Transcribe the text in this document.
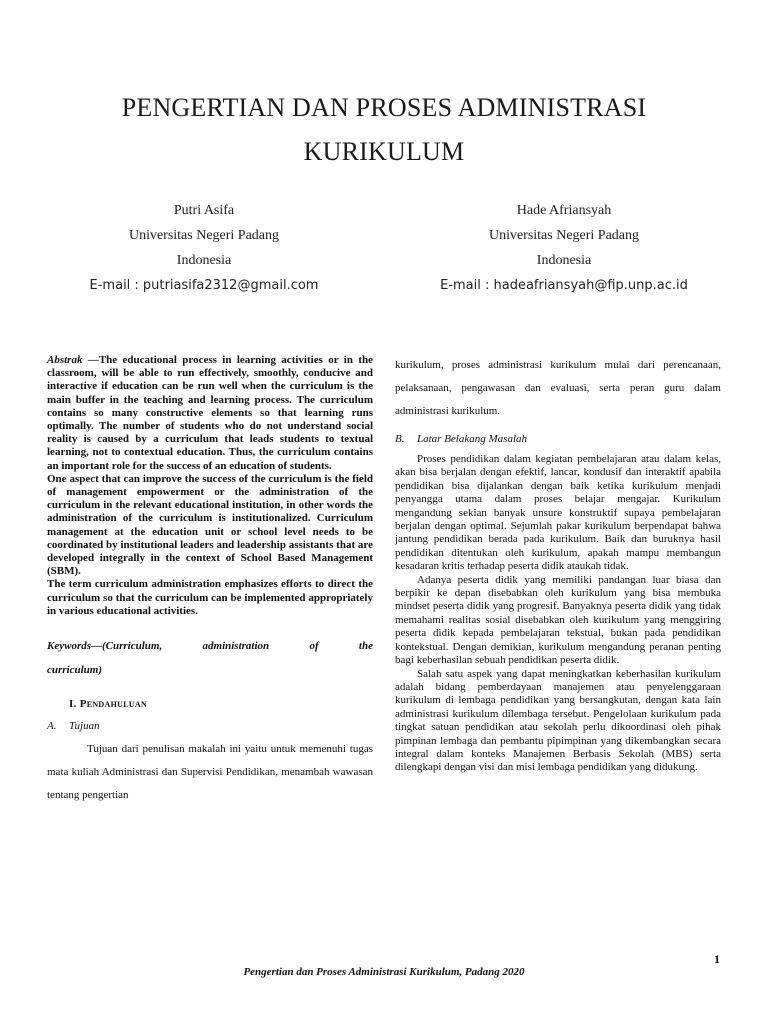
PENGERTIAN DAN PROSES ADMINISTRASI KURIKULUM
Putri Asifa
Universitas Negeri Padang
Indonesia
E-mail : putriasifa2312@gmail.com
Hade Afriansyah
Universitas Negeri Padang
Indonesia
E-mail : hadeafriansyah@fip.unp.ac.id

Abstrak —The educational process in learning activities or in the classroom, will be able to run effectively, smoothly, conducive and interactive if education can be run well when the curriculum is the main buffer in the teaching and learning process. The curriculum contains so many constructive elements so that learning runs optimally. The number of students who do not understand social reality is caused by a curriculum that leads students to textual learning, not to contextual education. Thus, the curriculum contains an important role for the success of an education of students.

One aspect that can improve the success of the curriculum is the field of management empowerment or the administration of the curriculum in the relevant educational institution, in other words the administration of the curriculum is institutionalized. Curriculum management at the education unit or school level needs to be coordinated by institutional leaders and leadership assistants that are developed integrally in the context of School Based Management (SBM).

The term curriculum administration emphasizes efforts to direct the curriculum so that the curriculum can be implemented appropriately in various educational activities.

Keywords—(Curriculum, administration of the
curriculum)
I. Pendahuluan
A. Tujuan

Tujuan dari penulisan makalah ini yaitu untuk memenuhi tugas mata kuliah Administrasi dan Supervisi Pendidikan, menambah wawasan tentang pengertian

kurikulum, proses administrasi kurikulum mulai dari perencanaan, pelaksanaan, pengawasan dan evaluasi, serta peran guru dalam administrasi kurikulum.

B. Latar Belakang Masalah

Proses pendidikan dalam kegiatan pembelajaran atau dalam kelas, akan bisa berjalan dengan efektif, lancar, kondusif dan interaktif apabila pendidikan bisa dijalankan dengan baik ketika kurikulum menjadi penyangga utama dalam proses belajar mengajar. Kurikulum mengandung sekian banyak unsure konstruktif supaya pembelajaran berjalan dengan optimal. Sejumlah pakar kurikulum berpendapat bahwa jantung pendidikan berada pada kurikulum. Baik dan buruknya hasil pendidikan ditentukan oleh kurikulum, apakah mampu membangun kesadaran kritis terhadap peserta didik ataukah tidak.

Adanya peserta didik yang memiliki pandangan luar biasa dan berpikir ke depan disebabkan oleh kurikulum yang bisa membuka mindset peserta didik yang progresif. Banyaknya peserta didik yang tidak memahami realitas sosial disebabkan oleh kurikulum yang menggiring peserta didik kepada pembelajaran tekstual, bukan pada pendidikan kontekstual. Dengan demikian, kurikulum mengandung peranan penting bagi keberhasilan sebuah pendidikan peserta didik.

Salah satu aspek yang dapat meningkatkan keberhasilan kurikulum adalah bidang pemberdayaan manajemen atau penyelenggaraan kurikulum di lembaga pendidikan yang bersangkutan, dengan kata lain administrasi kurikulum dilembaga tersebut. Pengelolaan kurikulum pada tingkat satuan pendidikan atau sekolah perlu dikoordinasi oleh pihak pimpinan lembaga dan pembantu pipimpinan yang dikembangkan secara integral dalam konteks Manajemen Berbasis Sekolah (MBS) serta dilengkapi dengan visi dan misi lembaga pendidikan yang didukung.

1
Pengertian dan Proses Administrasi Kurikulum, Padang 2020
